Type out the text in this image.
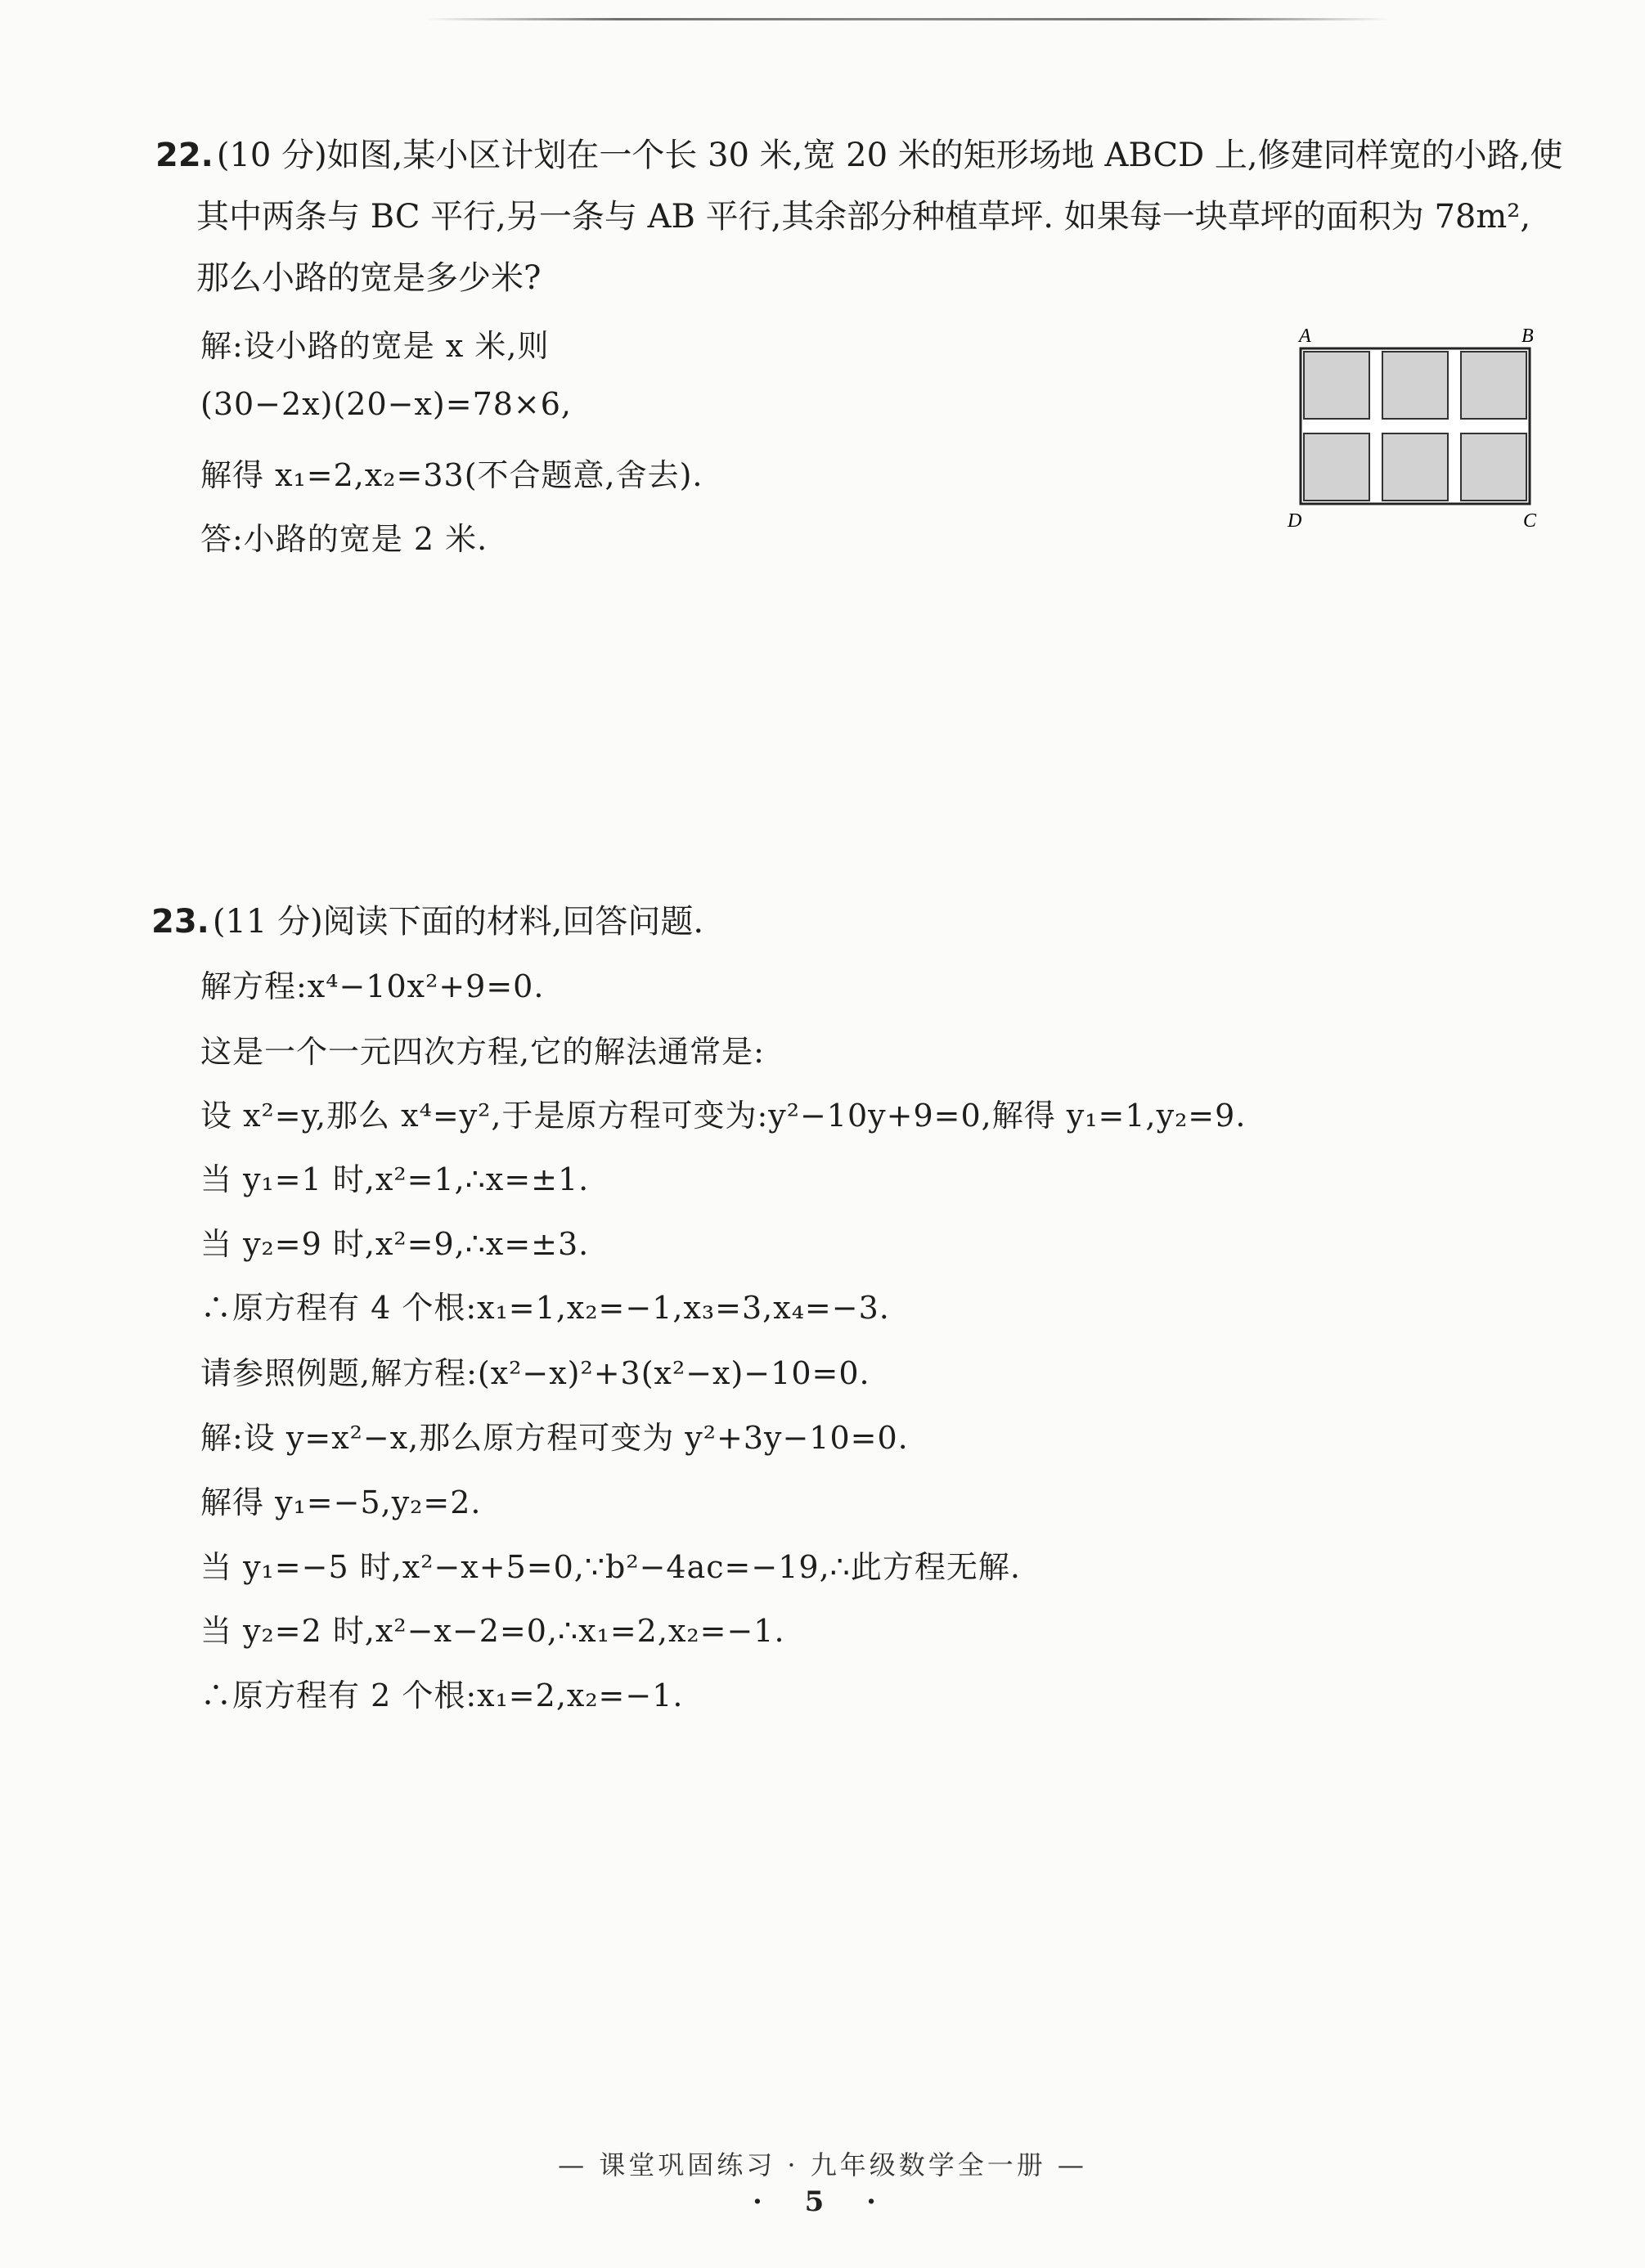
22. (10 分)如图,某小区计划在一个长 30 米,宽 20 米的矩形场地 ABCD 上,修建同样宽的小路,使
其中两条与 BC 平行,另一条与 AB 平行,其余部分种植草坪. 如果每一块草坪的面积为 78m²,
那么小路的宽是多少米?
解:设小路的宽是 x 米,则
(30−2x)(20−x)=78×6,
解得 x₁=2,x₂=33(不合题意,舍去).
答:小路的宽是 2 米.
A	B
C
D
23. (11 分)阅读下面的材料,回答问题.
解方程:x⁴−10x²+9=0.
这是一个一元四次方程,它的解法通常是:
设 x²=y,那么 x⁴=y²,于是原方程可变为:y²−10y+9=0,解得 y₁=1,y₂=9.
当 y₁=1 时,x²=1,∴x=±1.
当 y₂=9 时,x²=9,∴x=±3.
∴原方程有 4 个根:x₁=1,x₂=−1,x₃=3,x₄=−3.
请参照例题,解方程:(x²−x)²+3(x²−x)−10=0.
解:设 y=x²−x,那么原方程可变为 y²+3y−10=0.
解得 y₁=−5,y₂=2.
当 y₁=−5 时,x²−x+5=0,∵b²−4ac=−19,∴此方程无解.
当 y₂=2 时,x²−x−2=0,∴x₁=2,x₂=−1.
∴原方程有 2 个根:x₁=2,x₂=−1.
— 课堂巩固练习 · 九年级数学全一册 —
· 5 ·
